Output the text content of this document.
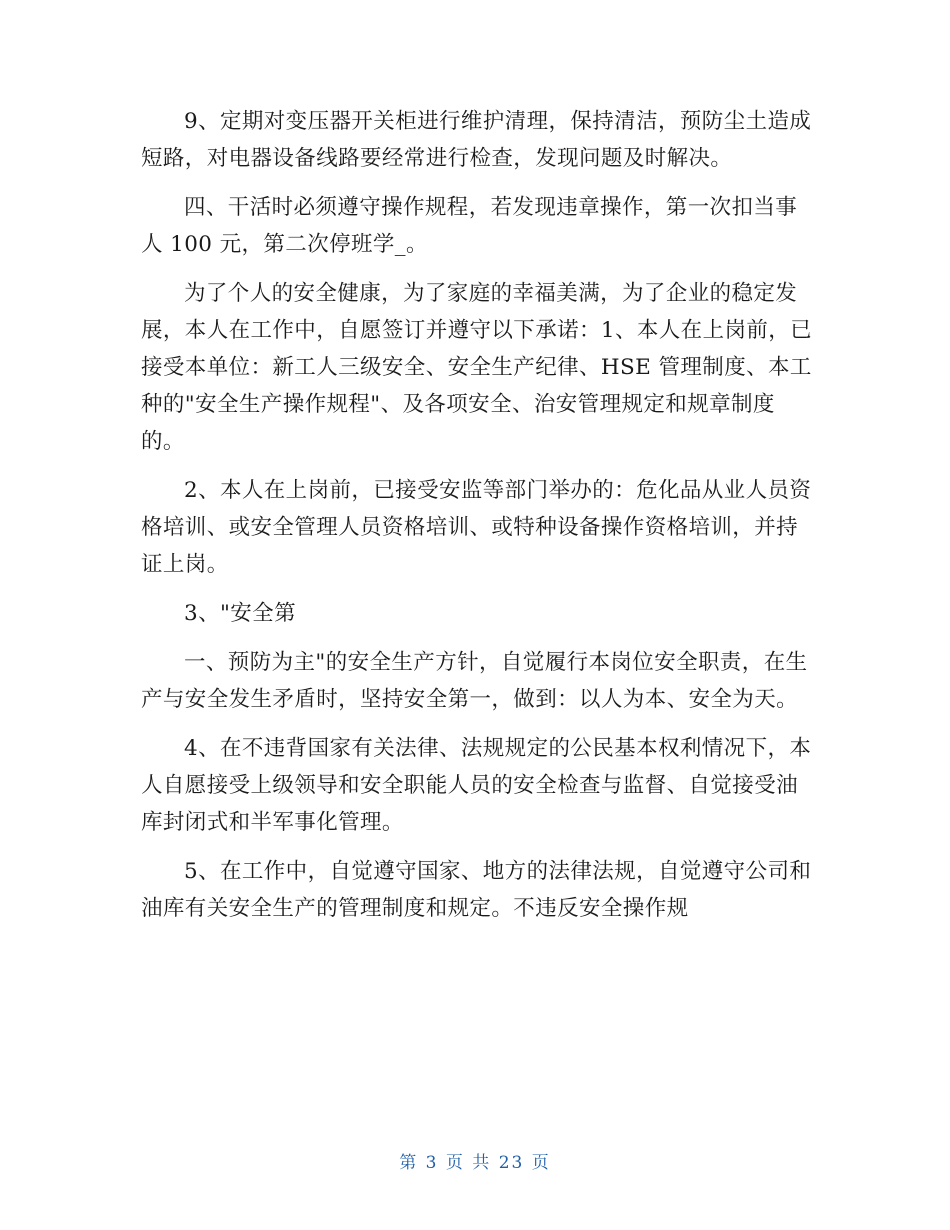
9、定期对变压器开关柜进行维护清理，保持清洁，预防尘土造成短路，对电器设备线路要经常进行检查，发现问题及时解决。

四、干活时必须遵守操作规程，若发现违章操作，第一次扣当事人 100 元，第二次停班学_。

为了个人的安全健康，为了家庭的幸福美满，为了企业的稳定发展，本人在工作中，自愿签订并遵守以下承诺：1、本人在上岗前，已接受本单位：新工人三级安全、安全生产纪律、HSE 管理制度、本工种的"安全生产操作规程"、及各项安全、治安管理规定和规章制度的。

2、本人在上岗前，已接受安监等部门举办的：危化品从业人员资格培训、或安全管理人员资格培训、或特种设备操作资格培训，并持证上岗。

3、"安全第

一、预防为主"的安全生产方针，自觉履行本岗位安全职责，在生产与安全发生矛盾时，坚持安全第一，做到：以人为本、安全为天。

4、在不违背国家有关法律、法规规定的公民基本权利情况下，本人自愿接受上级领导和安全职能人员的安全检查与监督、自觉接受油库封闭式和半军事化管理。

5、在工作中，自觉遵守国家、地方的法律法规，自觉遵守公司和油库有关安全生产的管理制度和规定。不违反安全操作规

第 3 页 共 23 页
